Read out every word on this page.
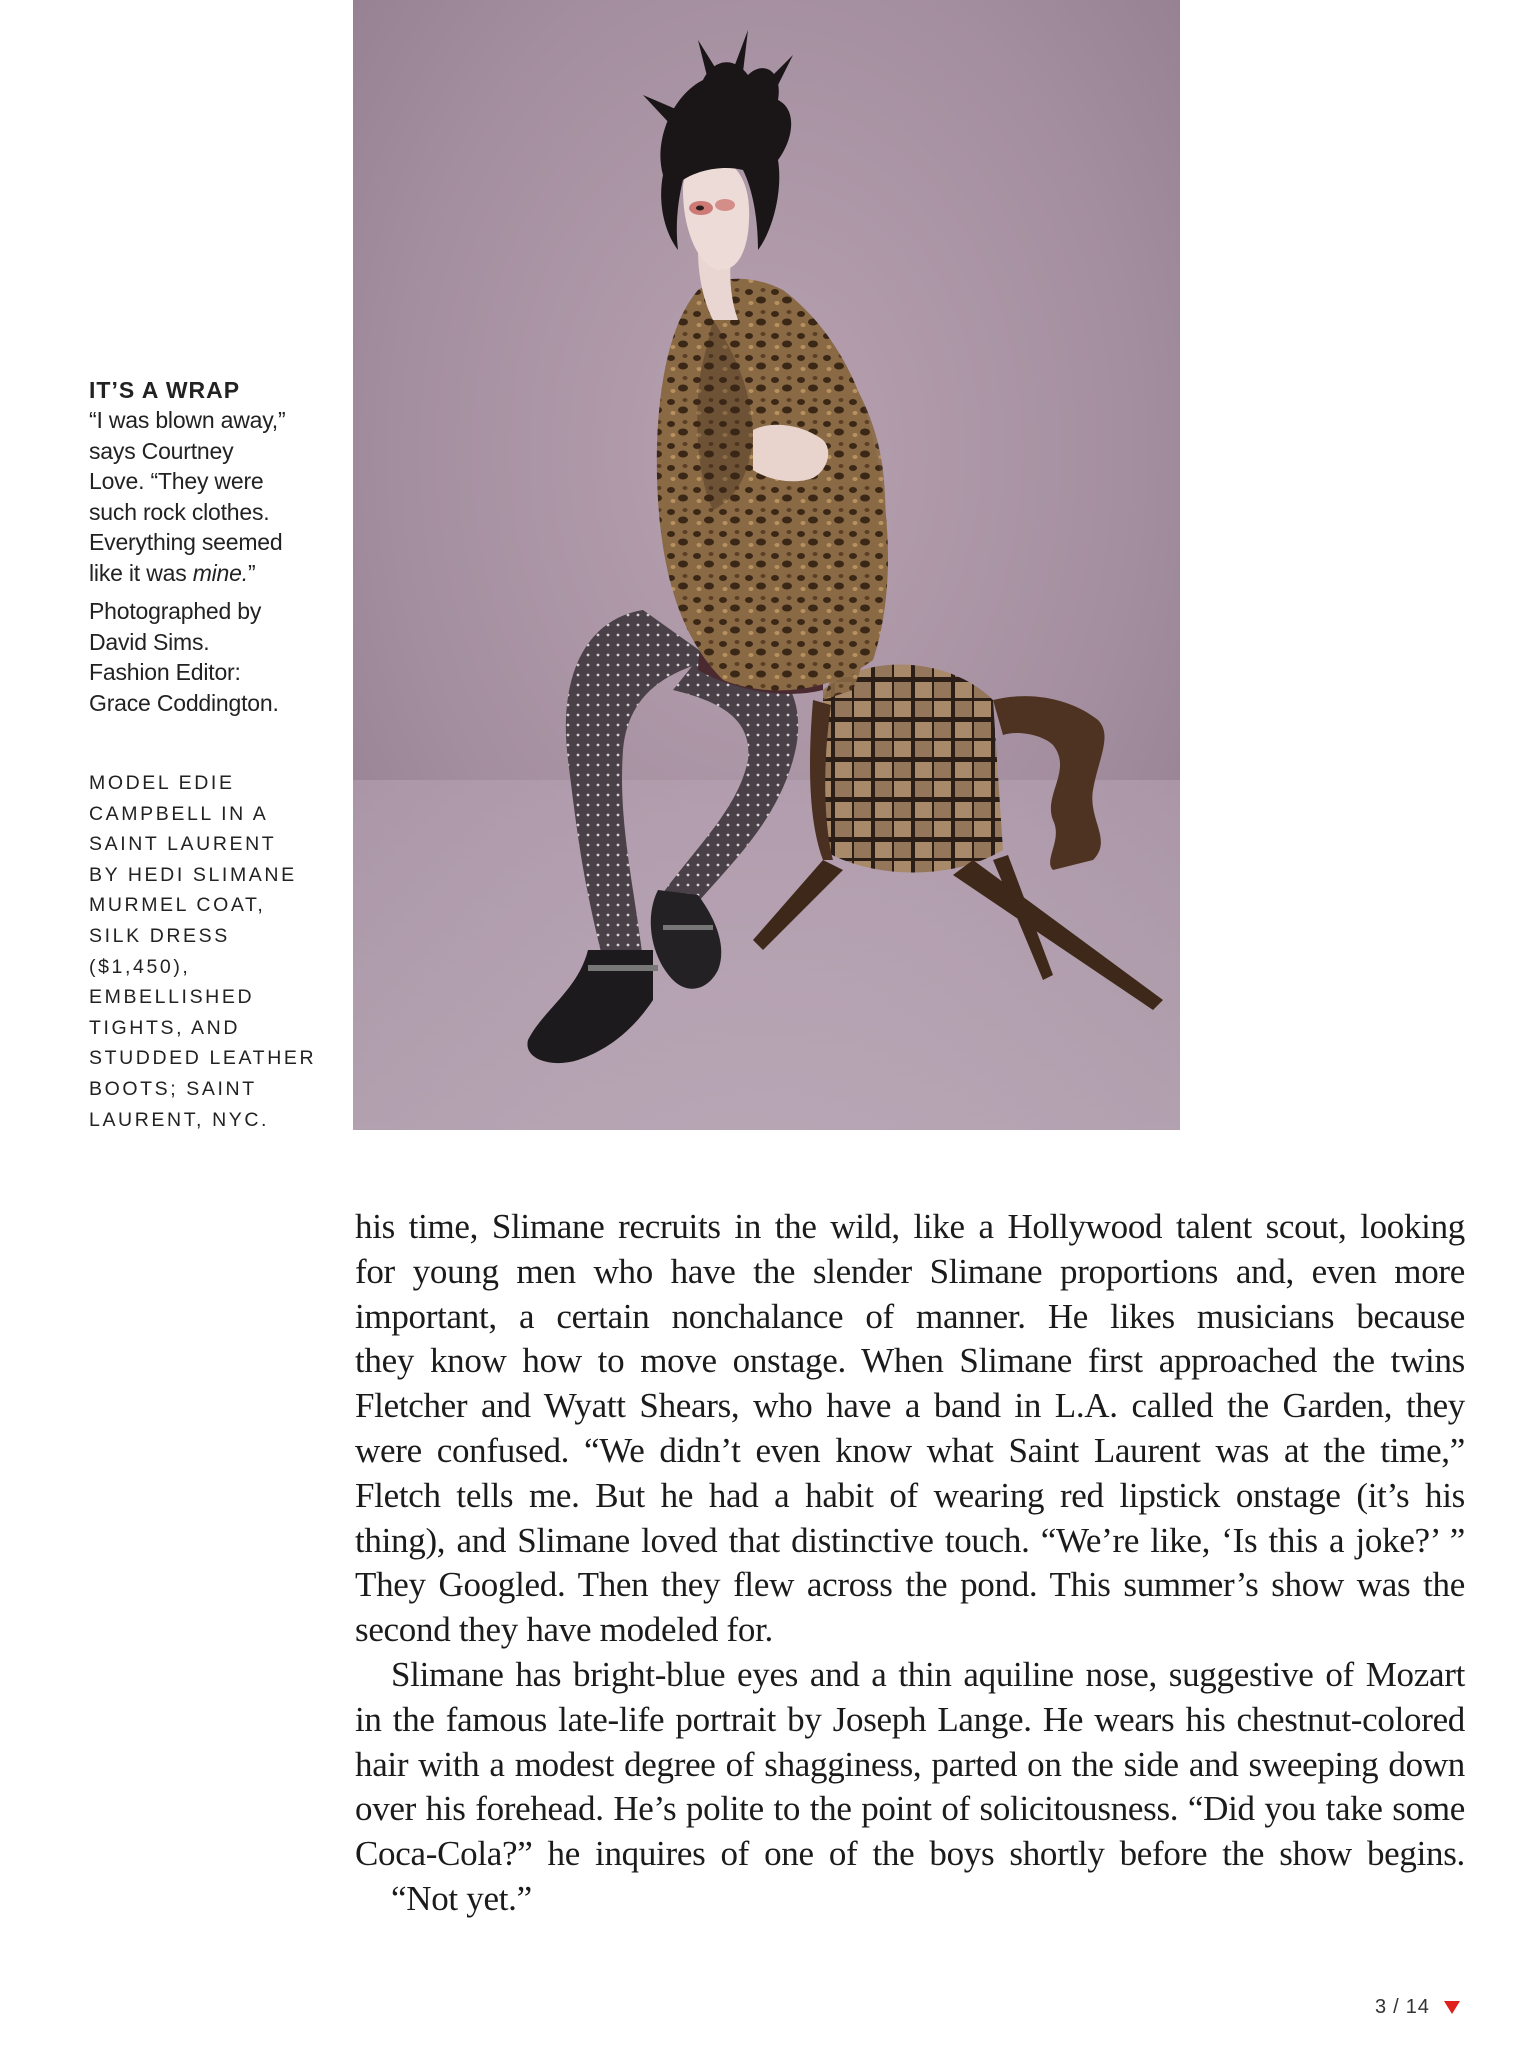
IT’S A WRAP

“I was blown away,”
says Courtney
Love. “They were
such rock clothes.
Everything seemed
like it was mine.”

Photographed by
David Sims.
Fashion Editor:
Grace Coddington.

MODEL EDIE
CAMPBELL IN A
SAINT LAURENT
BY HEDI SLIMANE
MURMEL COAT,
SILK DRESS
($1,450),
EMBELLISHED
TIGHTS, AND
STUDDED LEATHER
BOOTS; SAINT
LAURENT, NYC.
his time, Slimane recruits in the wild, like a Hollywood talent scout, looking
for young men who have the slender Slimane proportions and, even more
important, a certain nonchalance of manner. He likes musicians because
they know how to move onstage. When Slimane first approached the twins
Fletcher and Wyatt Shears, who have a band in L.A. called the Garden, they
were confused. “We didn’t even know what Saint Laurent was at the time,”
Fletch tells me. But he had a habit of wearing red lipstick onstage (it’s his
thing), and Slimane loved that distinctive touch. “We’re like, ‘Is this a joke?’ ”
They Googled. Then they flew across the pond. This summer’s show was the
second they have modeled for.
Slimane has bright-blue eyes and a thin aquiline nose, suggestive of Mozart
in the famous late-life portrait by Joseph Lange. He wears his chestnut-colored
hair with a modest degree of shagginess, parted on the side and sweeping down
over his forehead. He’s polite to the point of solicitousness. “Did you take some
Coca-Cola?” he inquires of one of the boys shortly before the show begins.
“Not yet.”
3 / 14
